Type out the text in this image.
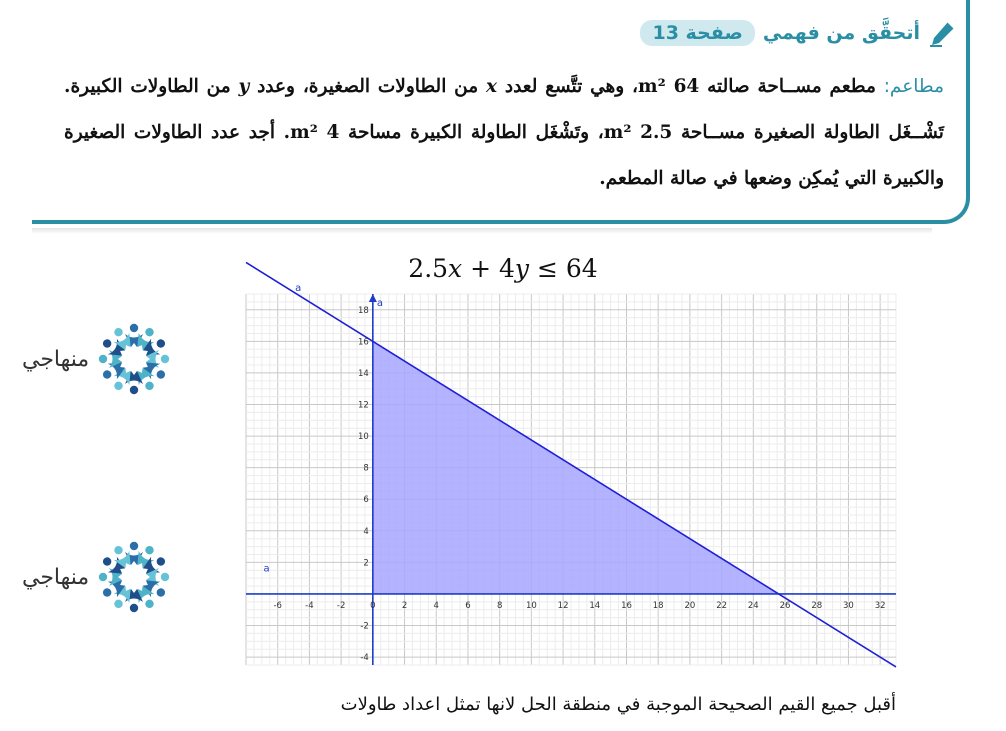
أتحقَّق من فهمي
صفحة 13
مطاعم: مطعم مســاحة صالته 64 m²، وهي تتَّسع لعدد x من الطاولات الصغيرة، وعدد y من الطاولات الكبيرة. تَشْــغَل الطاولة الصغيرة مســاحة 2.5 m²، وتَشْغَل الطاولة الكبيرة مساحة 4 m². أجد عدد الطاولات الصغيرة والكبيرة التي يُمكِن وضعها في صالة المطعم.
2.5𝑥 + 4𝑦 ≤ 64
-6	-4	-2	0	2	4	6	8	10 12 14 16 18 20 22 24 26 28 30 32
-4
-2
2
4
6
8
10
12
14
16
18
a
a
a
منهاجي
منهاجي
أقبل جميع القيم الصحيحة الموجبة في منطقة الحل لانها تمثل اعداد طاولات
